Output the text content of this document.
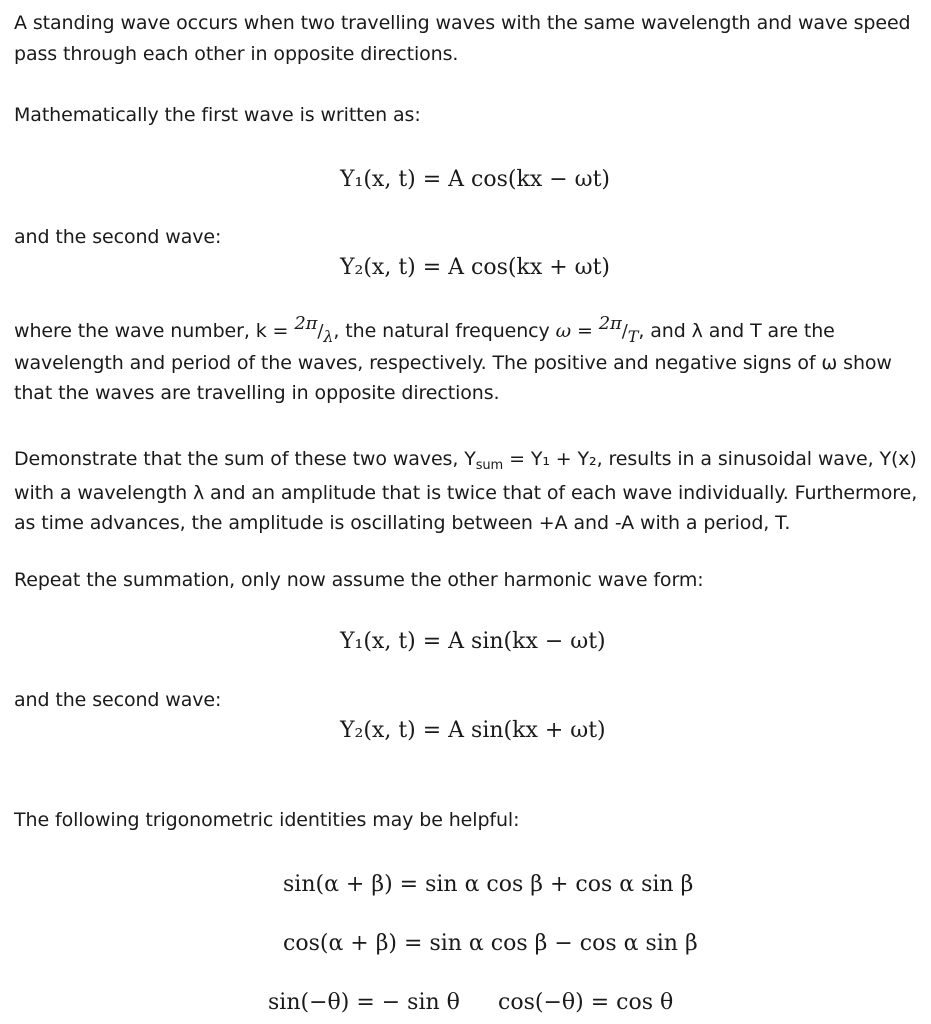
A standing wave occurs when two travelling waves with the same wavelength and wave speed
pass through each other in opposite directions.
Mathematically the first wave is written as:
Y₁(x, t) = A cos(kx − ωt)
and the second wave:
Y₂(x, t) = A cos(kx + ωt)
where the wave number, $k = 2\pi/_\lambda$, the natural frequency $\omega = 2\pi/_T$, and λ and T are the
wavelength and period of the waves, respectively. The positive and negative signs of ω show
that the waves are travelling in opposite directions.
Demonstrate that the sum of these two waves, $Y_{sum} = Y_1 + Y_2$, results in a sinusoidal wave, Y(x)
with a wavelength λ and an amplitude that is twice that of each wave individually. Furthermore,
as time advances, the amplitude is oscillating between +A and -A with a period, T.
Repeat the summation, only now assume the other harmonic wave form:
Y₁(x, t) = A sin(kx − ωt)
and the second wave:
Y₂(x, t) = A sin(kx + ωt)
The following trigonometric identities may be helpful:
sin(α + β) = sin α cos β + cos α sin β
cos(α + β) = sin α cos β − cos α sin β
sin(−θ) = − sin θ cos(−θ) = cos θ
